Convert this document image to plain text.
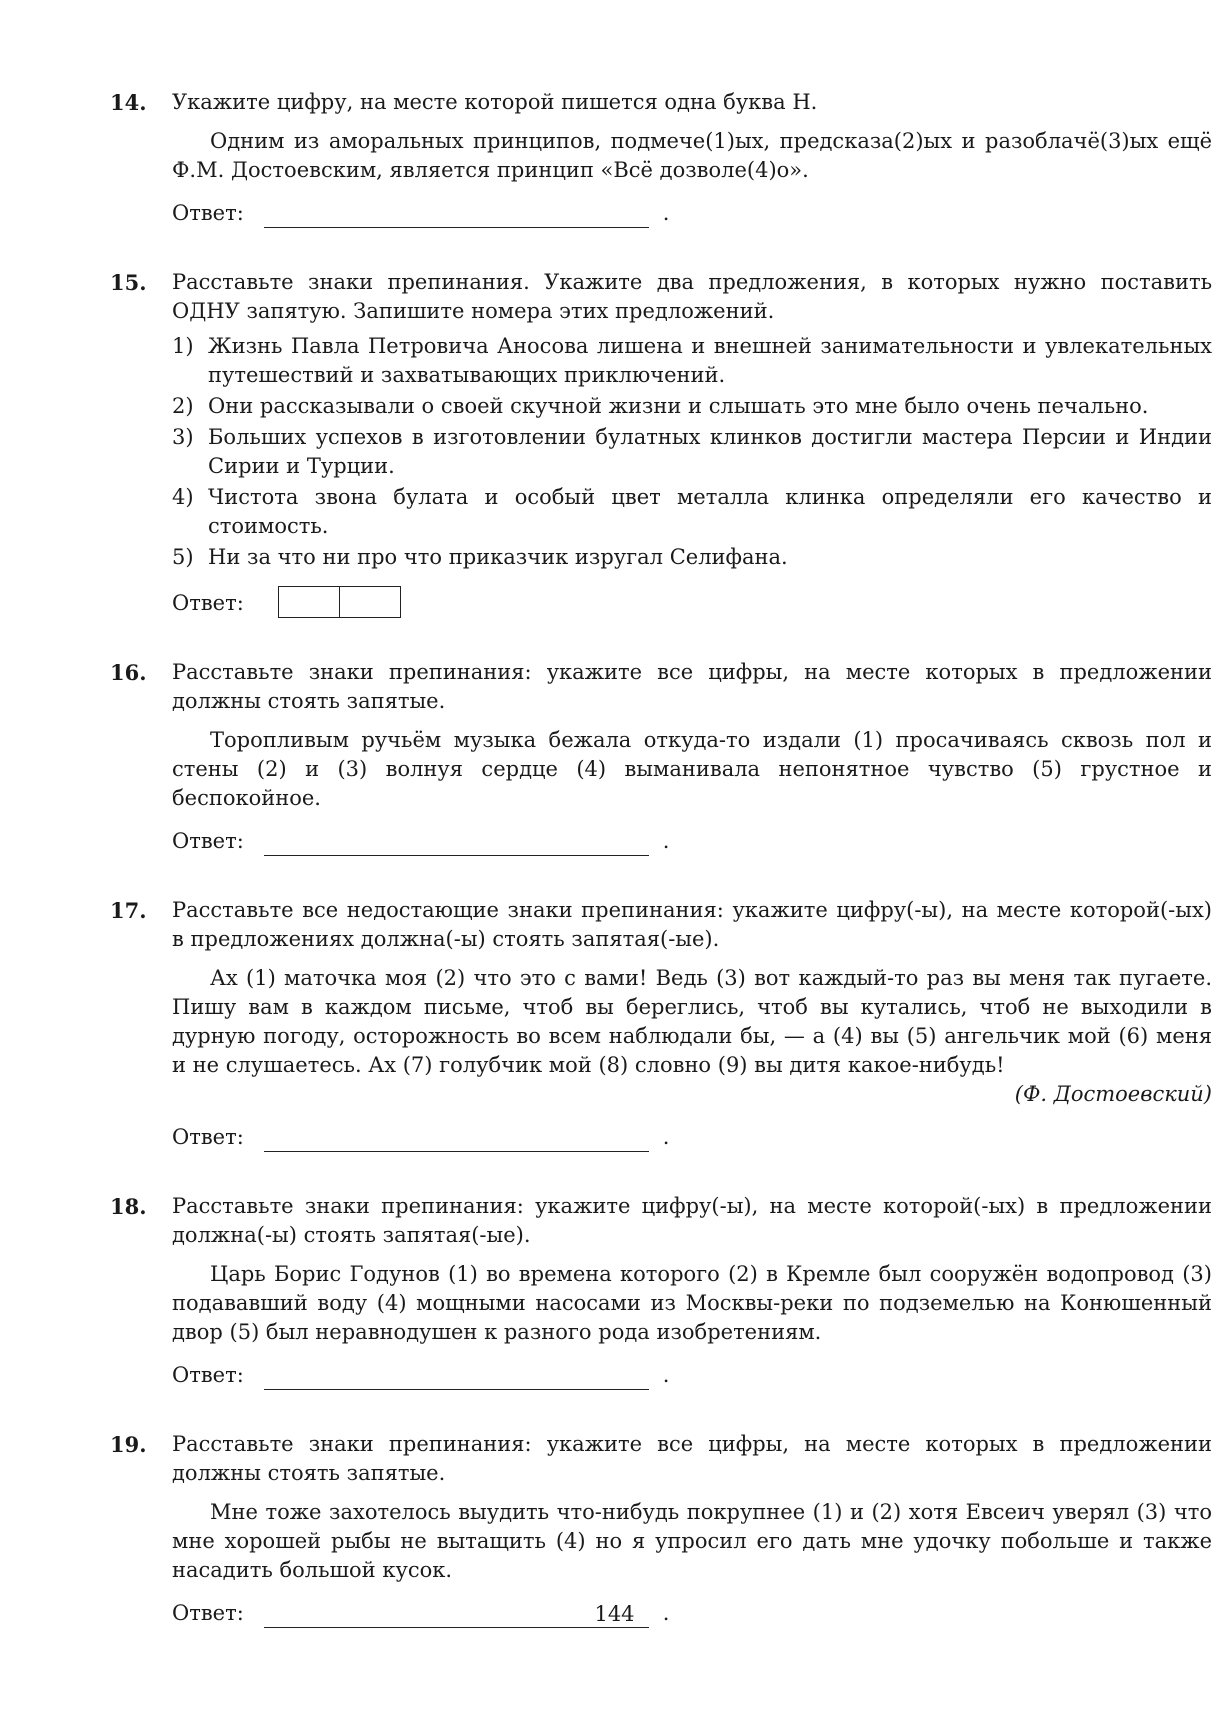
14. Укажите цифру, на месте которой пишется одна буква Н.

Одним из аморальных принципов, подмече(1)ых, предсказа(2)ых и разоблачё(3)ых ещё Ф.М. Достоевским, является принцип «Всё дозволе(4)о».

Ответ:	.
15. Расставьте знаки препинания. Укажите два предложения, в которых нужно поставить ОДНУ запятую. Запишите номера этих предложений.

1) Жизнь Павла Петровича Аносова лишена и внешней занимательности и увлекательных путешествий и захватывающих приключений.
2) Они рассказывали о своей скучной жизни и слышать это мне было очень печально.
3) Больших успехов в изготовлении булатных клинков достигли мастера Персии и Индии Сирии и Турции.
4) Чистота звона булата и особый цвет металла клинка определяли его качество и стоимость.
5) Ни за что ни про что приказчик изругал Селифана.
Ответ:
16. Расставьте знаки препинания: укажите все цифры, на месте которых в предложении должны стоять запятые.

Торопливым ручьём музыка бежала откуда-то издали (1) просачиваясь сквозь пол и стены (2) и (3) волнуя сердце (4) выманивала непонятное чувство (5) грустное и беспокойное.

Ответ:	.
17. Расставьте все недостающие знаки препинания: укажите цифру(-ы), на месте которой(-ых) в предложениях должна(-ы) стоять запятая(-ые).

Ах (1) маточка моя (2) что это с вами! Ведь (3) вот каждый-то раз вы меня так пугаете. Пишу вам в каждом письме, чтоб вы береглись, чтоб вы кутались, чтоб не выходили в дурную погоду, осторожность во всем наблюдали бы, — а (4) вы (5) ангельчик мой (6) меня и не слушаетесь. Ах (7) голубчик мой (8) словно (9) вы дитя какое-нибудь!

(Ф. Достоевский)

Ответ:	.
18. Расставьте знаки препинания: укажите цифру(-ы), на месте которой(-ых) в предложении должна(-ы) стоять запятая(-ые).

Царь Борис Годунов (1) во времена которого (2) в Кремле был сооружён водопровод (3) подававший воду (4) мощными насосами из Москвы-реки по подземелью на Конюшенный двор (5) был неравнодушен к разного рода изобретениям.

Ответ:	.
19. Расставьте знаки препинания: укажите все цифры, на месте которых в предложении должны стоять запятые.

Мне тоже захотелось выудить что-нибудь покрупнее (1) и (2) хотя Евсеич уверял (3) что мне хорошей рыбы не вытащить (4) но я упросил его дать мне удочку побольше и также насадить большой кусок.

Ответ:	.
144
